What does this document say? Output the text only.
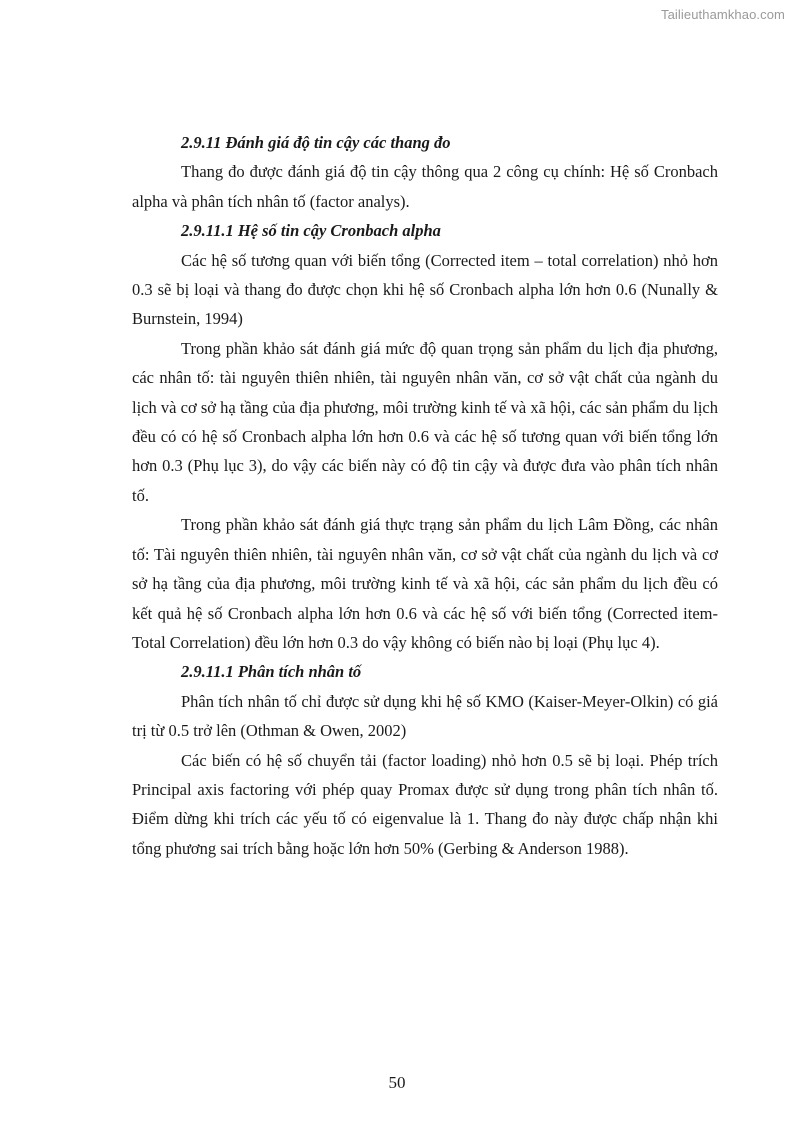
Tailieuthamkhao.com

2.9.11 Đánh giá độ tin cậy các thang đo

Thang đo được đánh giá độ tin cậy thông qua 2 công cụ chính: Hệ số Cronbach alpha và phân tích nhân tố (factor analys).

2.9.11.1 Hệ số tin cậy Cronbach alpha

Các hệ số tương quan với biến tổng (Corrected item – total correlation) nhỏ hơn 0.3 sẽ bị loại và thang đo được chọn khi hệ số Cronbach alpha lớn hơn 0.6 (Nunally & Burnstein, 1994)

Trong phần khảo sát đánh giá mức độ quan trọng sản phẩm du lịch địa phương, các nhân tố: tài nguyên thiên nhiên, tài nguyên nhân văn, cơ sở vật chất của ngành du lịch và cơ sở hạ tầng của địa phương, môi trường kinh tế và xã hội, các sản phẩm du lịch đều có có hệ số Cronbach alpha lớn hơn 0.6 và các hệ số tương quan với biến tổng lớn hơn 0.3 (Phụ lục 3), do vậy các biến này có độ tin cậy và được đưa vào phân tích nhân tố.

Trong phần khảo sát đánh giá thực trạng sản phẩm du lịch Lâm Đồng, các nhân tố: Tài nguyên thiên nhiên, tài nguyên nhân văn, cơ sở vật chất của ngành du lịch và cơ sở hạ tầng của địa phương, môi trường kinh tế và xã hội, các sản phẩm du lịch đều có kết quả hệ số Cronbach alpha lớn hơn 0.6 và các hệ số với biến tổng (Corrected item- Total Correlation) đều lớn hơn 0.3 do vậy không có biến nào bị loại (Phụ lục 4).

2.9.11.1 Phân tích nhân tố

Phân tích nhân tố chỉ được sử dụng khi hệ số KMO (Kaiser-Meyer-Olkin) có giá trị từ 0.5 trở lên (Othman & Owen, 2002)

Các biến có hệ số chuyển tải (factor loading) nhỏ hơn 0.5 sẽ bị loại. Phép trích Principal axis factoring với phép quay Promax được sử dụng trong phân tích nhân tố. Điểm dừng khi trích các yếu tố có eigenvalue là 1. Thang đo này được chấp nhận khi tổng phương sai trích bằng hoặc lớn hơn 50% (Gerbing & Anderson 1988).

50
